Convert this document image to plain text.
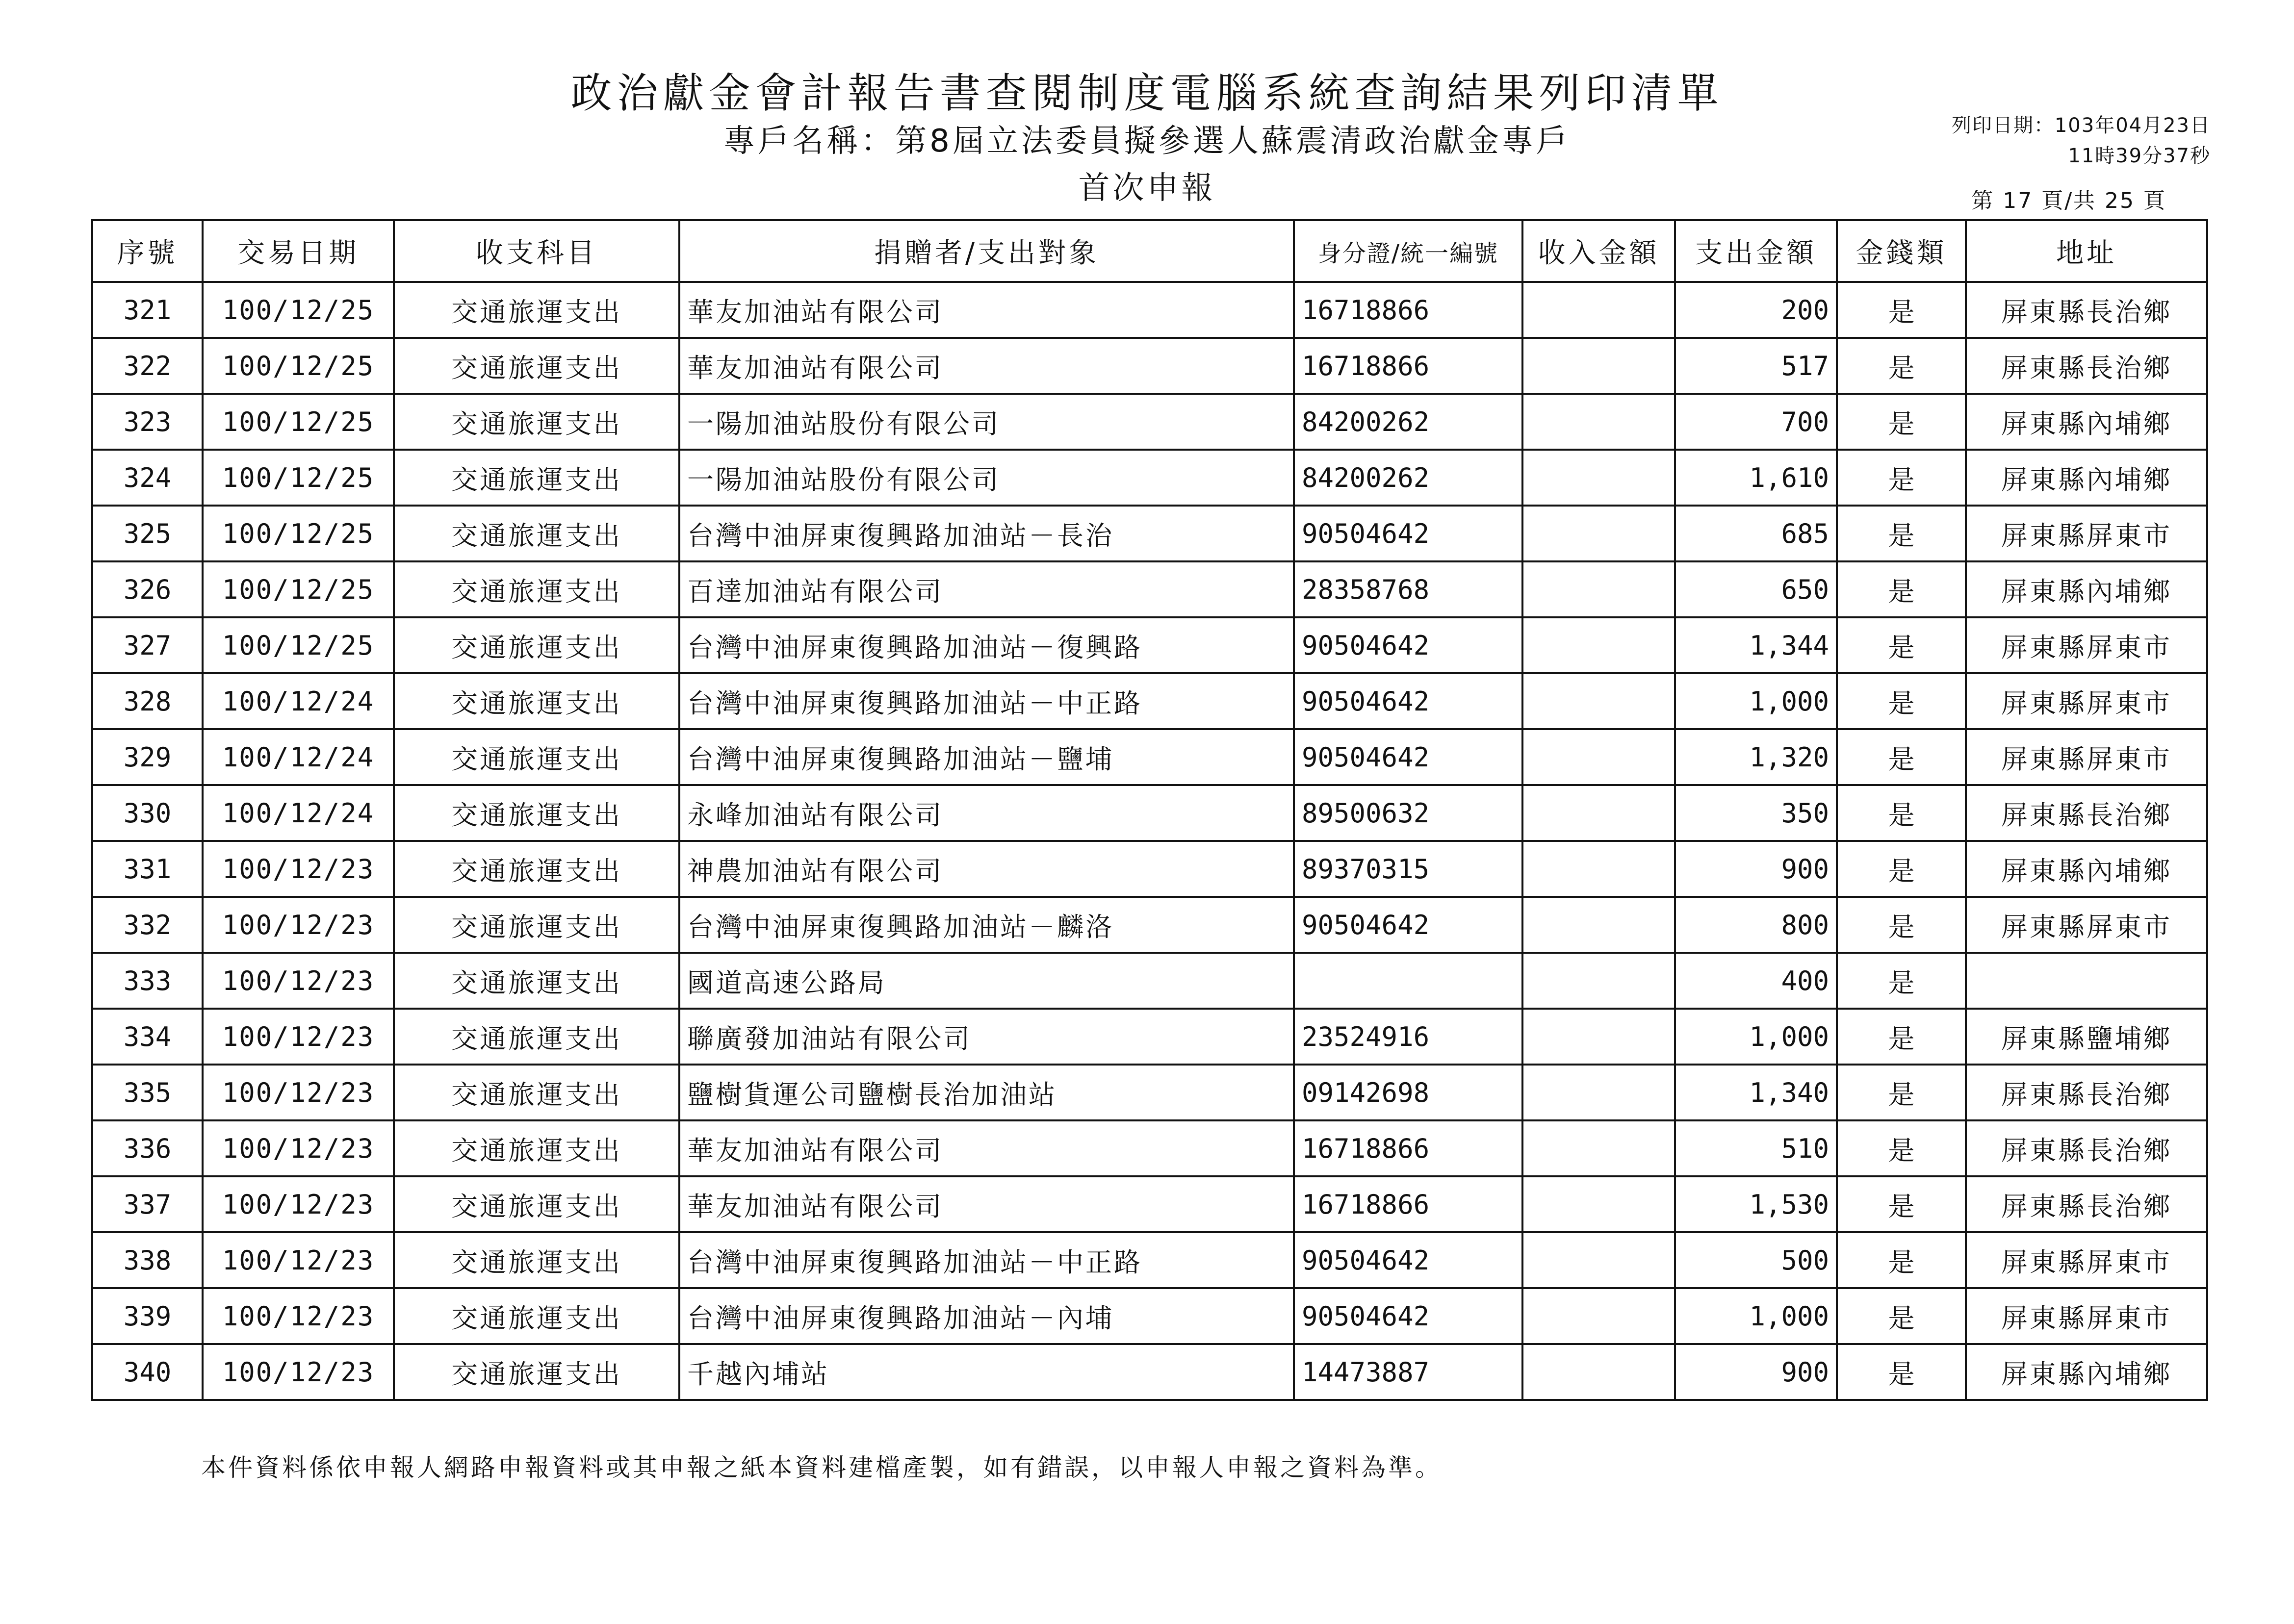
政治獻金會計報告書查閱制度電腦系統查詢結果列印清單
專戶名稱：第8屆立法委員擬參選人蘇震清政治獻金專戶
首次申報
列印日期：103年04月23日
11時39分37秒
第 17 頁/共 25 頁
序號	交易日期	收支科目	捐贈者/支出對象	身分證/統一編號	收入金額	支出金額	金錢類	地址
321	100/12/25	交通旅運支出	華友加油站有限公司	16718866		200	是	屏東縣長治鄉
322	100/12/25	交通旅運支出	華友加油站有限公司	16718866		517	是	屏東縣長治鄉
323	100/12/25	交通旅運支出	一陽加油站股份有限公司	84200262		700	是	屏東縣內埔鄉
324	100/12/25	交通旅運支出	一陽加油站股份有限公司	84200262		1,610	是	屏東縣內埔鄉
325	100/12/25	交通旅運支出	台灣中油屏東復興路加油站－長治	90504642		685	是	屏東縣屏東市
326	100/12/25	交通旅運支出	百達加油站有限公司	28358768		650	是	屏東縣內埔鄉
327	100/12/25	交通旅運支出	台灣中油屏東復興路加油站－復興路	90504642		1,344	是	屏東縣屏東市
328	100/12/24	交通旅運支出	台灣中油屏東復興路加油站－中正路	90504642		1,000	是	屏東縣屏東市
329	100/12/24	交通旅運支出	台灣中油屏東復興路加油站－鹽埔	90504642		1,320	是	屏東縣屏東市
330	100/12/24	交通旅運支出	永峰加油站有限公司	89500632		350	是	屏東縣長治鄉
331	100/12/23	交通旅運支出	神農加油站有限公司	89370315		900	是	屏東縣內埔鄉
332	100/12/23	交通旅運支出	台灣中油屏東復興路加油站－麟洛	90504642		800	是	屏東縣屏東市
333	100/12/23	交通旅運支出	國道高速公路局			400	是	
334	100/12/23	交通旅運支出	聯廣發加油站有限公司	23524916		1,000	是	屏東縣鹽埔鄉
335	100/12/23	交通旅運支出	鹽樹貨運公司鹽樹長治加油站	09142698		1,340	是	屏東縣長治鄉
336	100/12/23	交通旅運支出	華友加油站有限公司	16718866		510	是	屏東縣長治鄉
337	100/12/23	交通旅運支出	華友加油站有限公司	16718866		1,530	是	屏東縣長治鄉
338	100/12/23	交通旅運支出	台灣中油屏東復興路加油站－中正路	90504642		500	是	屏東縣屏東市
339	100/12/23	交通旅運支出	台灣中油屏東復興路加油站－內埔	90504642		1,000	是	屏東縣屏東市
340	100/12/23	交通旅運支出	千越內埔站	14473887		900	是	屏東縣內埔鄉
本件資料係依申報人網路申報資料或其申報之紙本資料建檔產製，如有錯誤，以申報人申報之資料為準。
